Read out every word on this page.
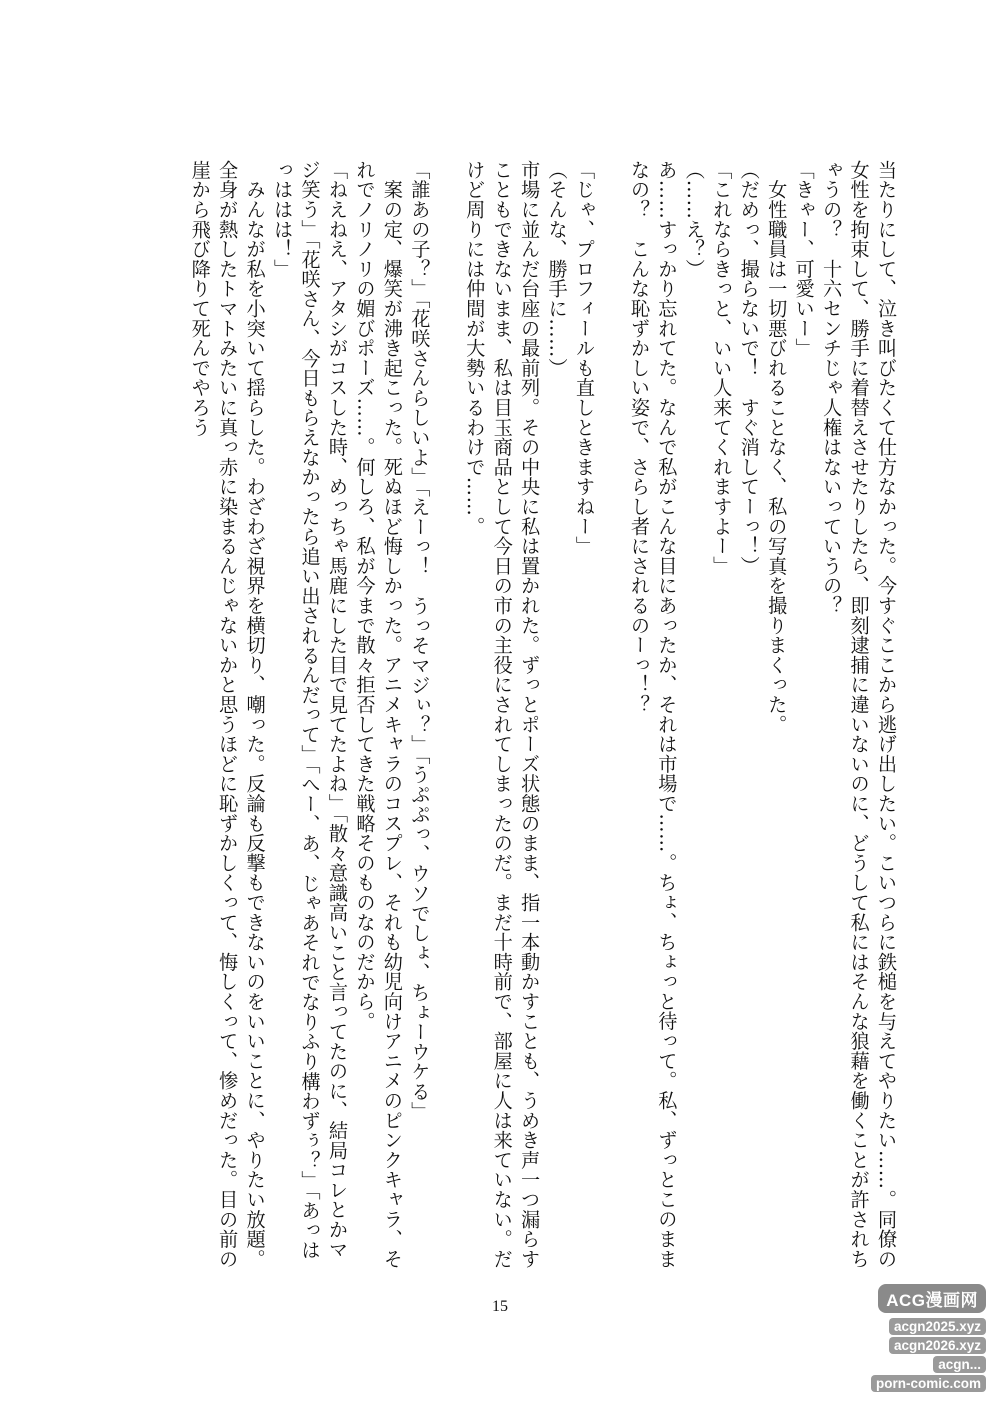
当たりにして、泣き叫びたくて仕方なかった。今すぐここから逃げ出したい。こいつらに鉄槌を与えてやりたい……。同僚の女性を拘束して、勝手に着替えさせたりしたら、即刻逮捕に違いないのに、どうして私にはそんな狼藉を働くことが許されちゃうの？　十六センチじゃ人権はないっていうの？

「きゃー、可愛いー」

　女性職員は一切悪びれることなく、私の写真を撮りまくった。

（だめっ、撮らないで！　すぐ消してーっ！）

「これならきっと、いい人来てくれますよー」

（……え？）

あ……すっかり忘れてた。なんで私がこんな目にあったか、それは市場で……。ちょ、ちょっと待って。私、ずっとこのままなの？　こんな恥ずかしい姿で、さらし者にされるのーっ！？

「じゃ、プロフィールも直しときますねー」

（そんな、勝手に……）

市場に並んだ台座の最前列。その中央に私は置かれた。ずっとポーズ状態のまま、指一本動かすことも、うめき声一つ漏らすこともできないまま、私は目玉商品として今日の市の主役にされてしまったのだ。まだ十時前で、部屋に人は来ていない。だけど周りには仲間が大勢いるわけで……。

「誰あの子？」「花咲さんらしいよ」「えーっ！　うっそマジぃ？」「うぷぷっ、ウソでしょ、ちょーウケる」

　案の定、爆笑が沸き起こった。死ぬほど悔しかった。アニメキャラのコスプレ、それも幼児向けアニメのピンクキャラ、それでノリノリの媚びポーズ……。何しろ、私が今まで散々拒否してきた戦略そのものなのだから。

「ねえねえ、アタシがコスした時、めっちゃ馬鹿にした目で見てたよね」「散々意識高いこと言ってたのに、結局コレとかマジ笑う」「花咲さん、今日もらえなかったら追い出されるんだって」「へー、あ、じゃあそれでなりふり構わずぅ？」「あっはっははは！」

　みんなが私を小突いて揺らした。わざわざ視界を横切り、嘲った。反論も反撃もできないのをいいことに、やりたい放題。全身が熱したトマトみたいに真っ赤に染まるんじゃないかと思うほどに恥ずかしくって、悔しくって、惨めだった。目の前の崖から飛び降りて死んでやろう

15	ACG漫画网
acgn2025.xyz
acgn2026.xyz
acgn...
porn-comic.com
